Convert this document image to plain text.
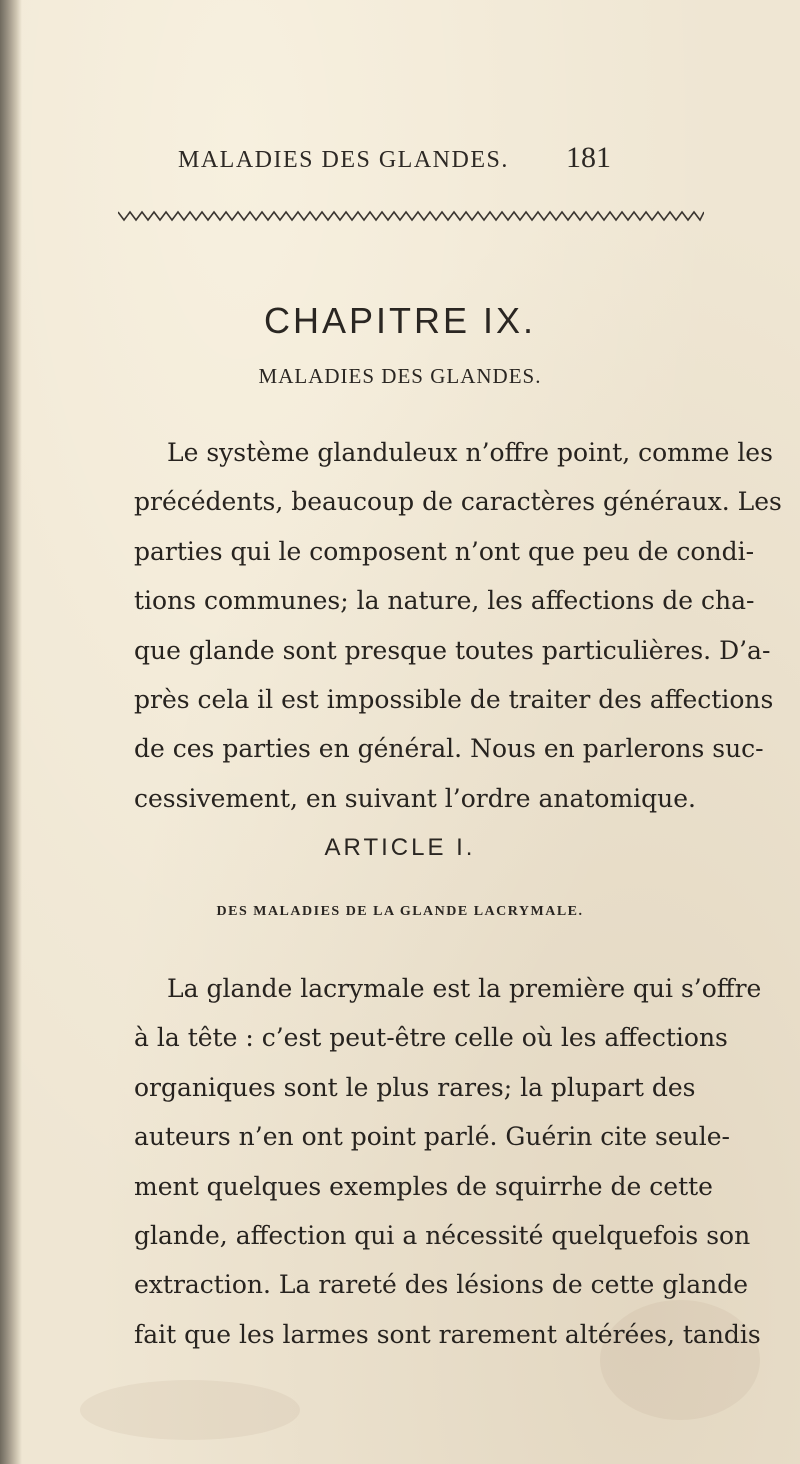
MALADIES DES GLANDES. 181
CHAPITRE IX.
MALADIES DES GLANDES.
Le système glanduleux n’offre point, comme les
précédents, beaucoup de caractères généraux. Les
parties qui le composent n’ont que peu de condi-
tions communes; la nature, les affections de cha-
que glande sont presque toutes particulières. D’a-
près cela il est impossible de traiter des affections
de ces parties en général. Nous en parlerons suc-
cessivement, en suivant l’ordre anatomique.
ARTICLE I.
DES MALADIES DE LA GLANDE LACRYMALE.
La glande lacrymale est la première qui s’offre
à la tête : c’est peut-être celle où les affections
organiques sont le plus rares; la plupart des
auteurs n’en ont point parlé. Guérin cite seule-
ment quelques exemples de squirrhe de cette
glande, affection qui a nécessité quelquefois son
extraction. La rareté des lésions de cette glande
fait que les larmes sont rarement altérées, tandis
